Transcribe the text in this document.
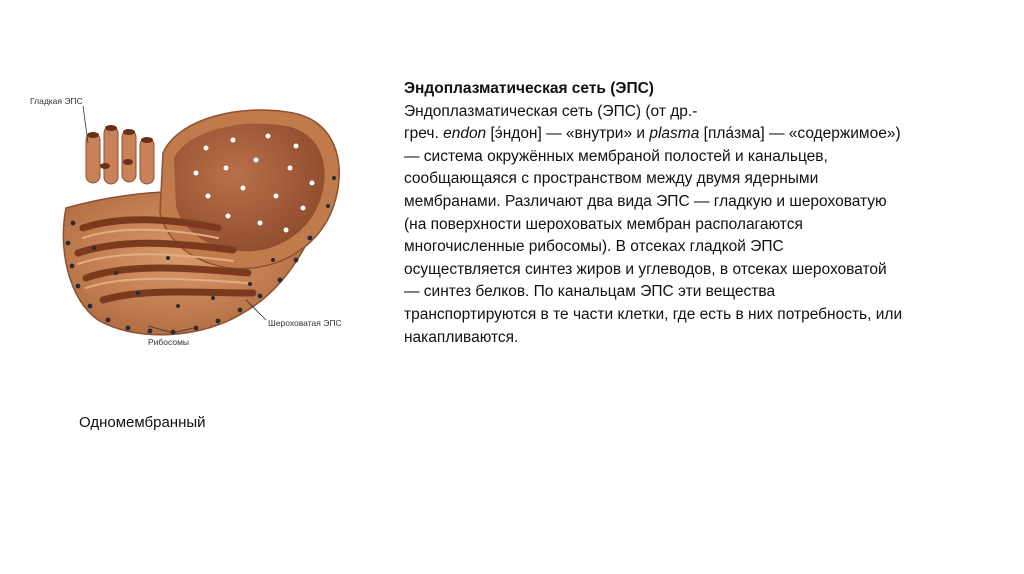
Гладкая ЭПС
Шероховатая ЭПС
Рибосомы
Одномембранный
Эндоплазматическая сеть (ЭПС)

Эндоплазматическая сеть (ЭПС) (от др.-
греч. endon [э́ндон] — «внутри» и plasma [пла́зма] — «содержимое») — система окружённых мембраной полостей и канальцев, сообщающаяся с пространством между двумя ядерными мембранами. Различают два вида ЭПС — гладкую и шероховатую (на поверхности шероховатых мембран располагаются многочисленные рибосомы). В отсеках гладкой ЭПС осуществляется синтез жиров и углеводов, в отсеках шероховатой — синтез белков. По канальцам ЭПС эти вещества транспортируются в те части клетки, где есть в них потребность, или накапливаются.
